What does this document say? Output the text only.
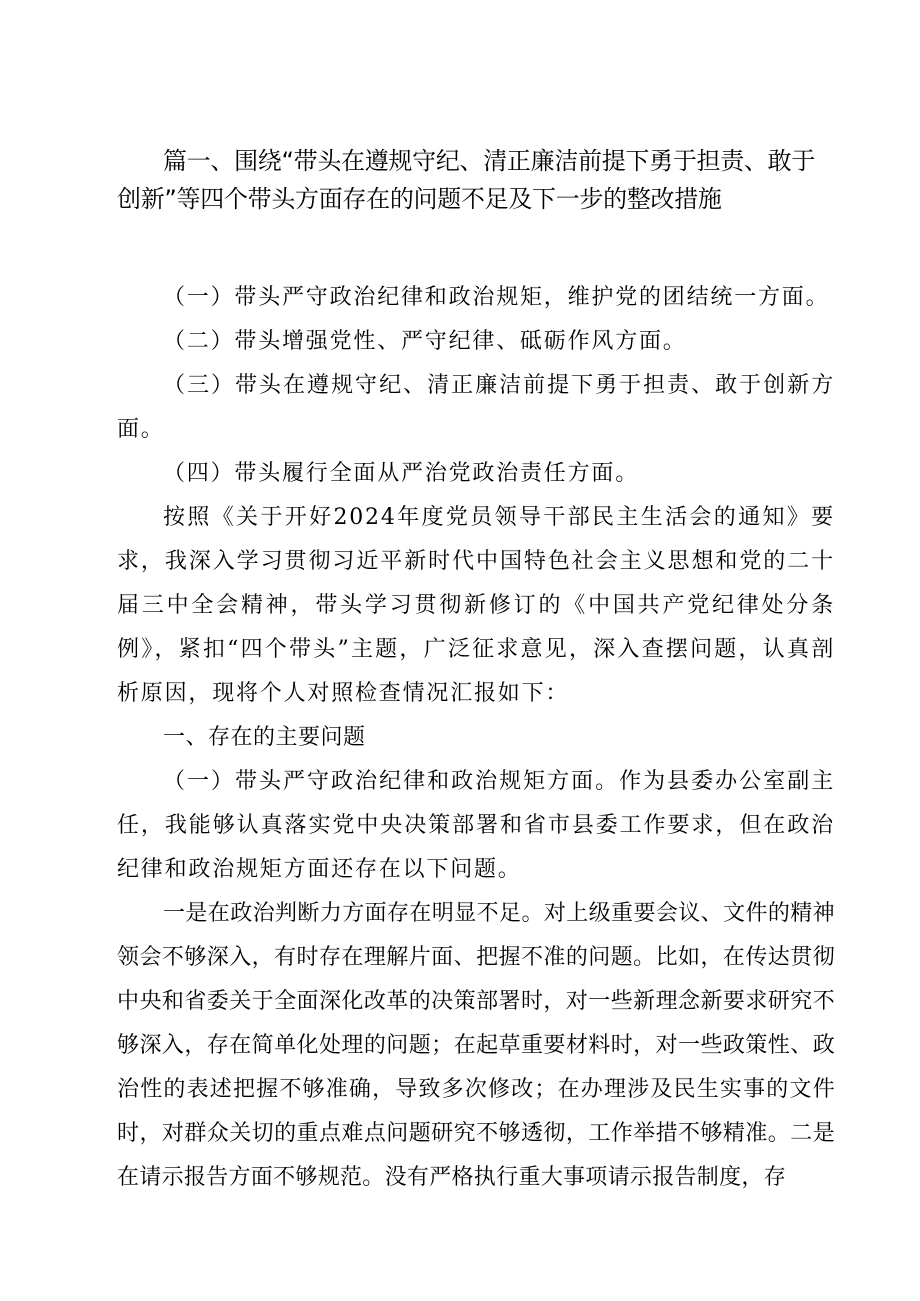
篇一、围绕“带头在遵规守纪、清正廉洁前提下勇于担责、敢于创新”等四个带头方面存在的问题不足及下一步的整改措施

（一）带头严守政治纪律和政治规矩，维护党的团结统一方面。

（二）带头增强党性、严守纪律、砥砺作风方面。

（三）带头在遵规守纪、清正廉洁前提下勇于担责、敢于创新方面。

（四）带头履行全面从严治党政治责任方面。

按照《关于开好2024年度党员领导干部民主生活会的通知》要求，我深入学习贯彻习近平新时代中国特色社会主义思想和党的二十届三中全会精神，带头学习贯彻新修订的《中国共产党纪律处分条例》，紧扣“四个带头”主题，广泛征求意见，深入查摆问题，认真剖析原因，现将个人对照检查情况汇报如下：

一、存在的主要问题

（一）带头严守政治纪律和政治规矩方面。作为县委办公室副主任，我能够认真落实党中央决策部署和省市县委工作要求，但在政治纪律和政治规矩方面还存在以下问题。

一是在政治判断力方面存在明显不足。对上级重要会议、文件的精神领会不够深入，有时存在理解片面、把握不准的问题。比如，在传达贯彻中央和省委关于全面深化改革的决策部署时，对一些新理念新要求研究不够深入，存在简单化处理的问题；在起草重要材料时，对一些政策性、政治性的表述把握不够准确，导致多次修改；在办理涉及民生实事的文件时，对群众关切的重点难点问题研究不够透彻，工作举措不够精准。二是在请示报告方面不够规范。没有严格执行重大事项请示报告制度，存
